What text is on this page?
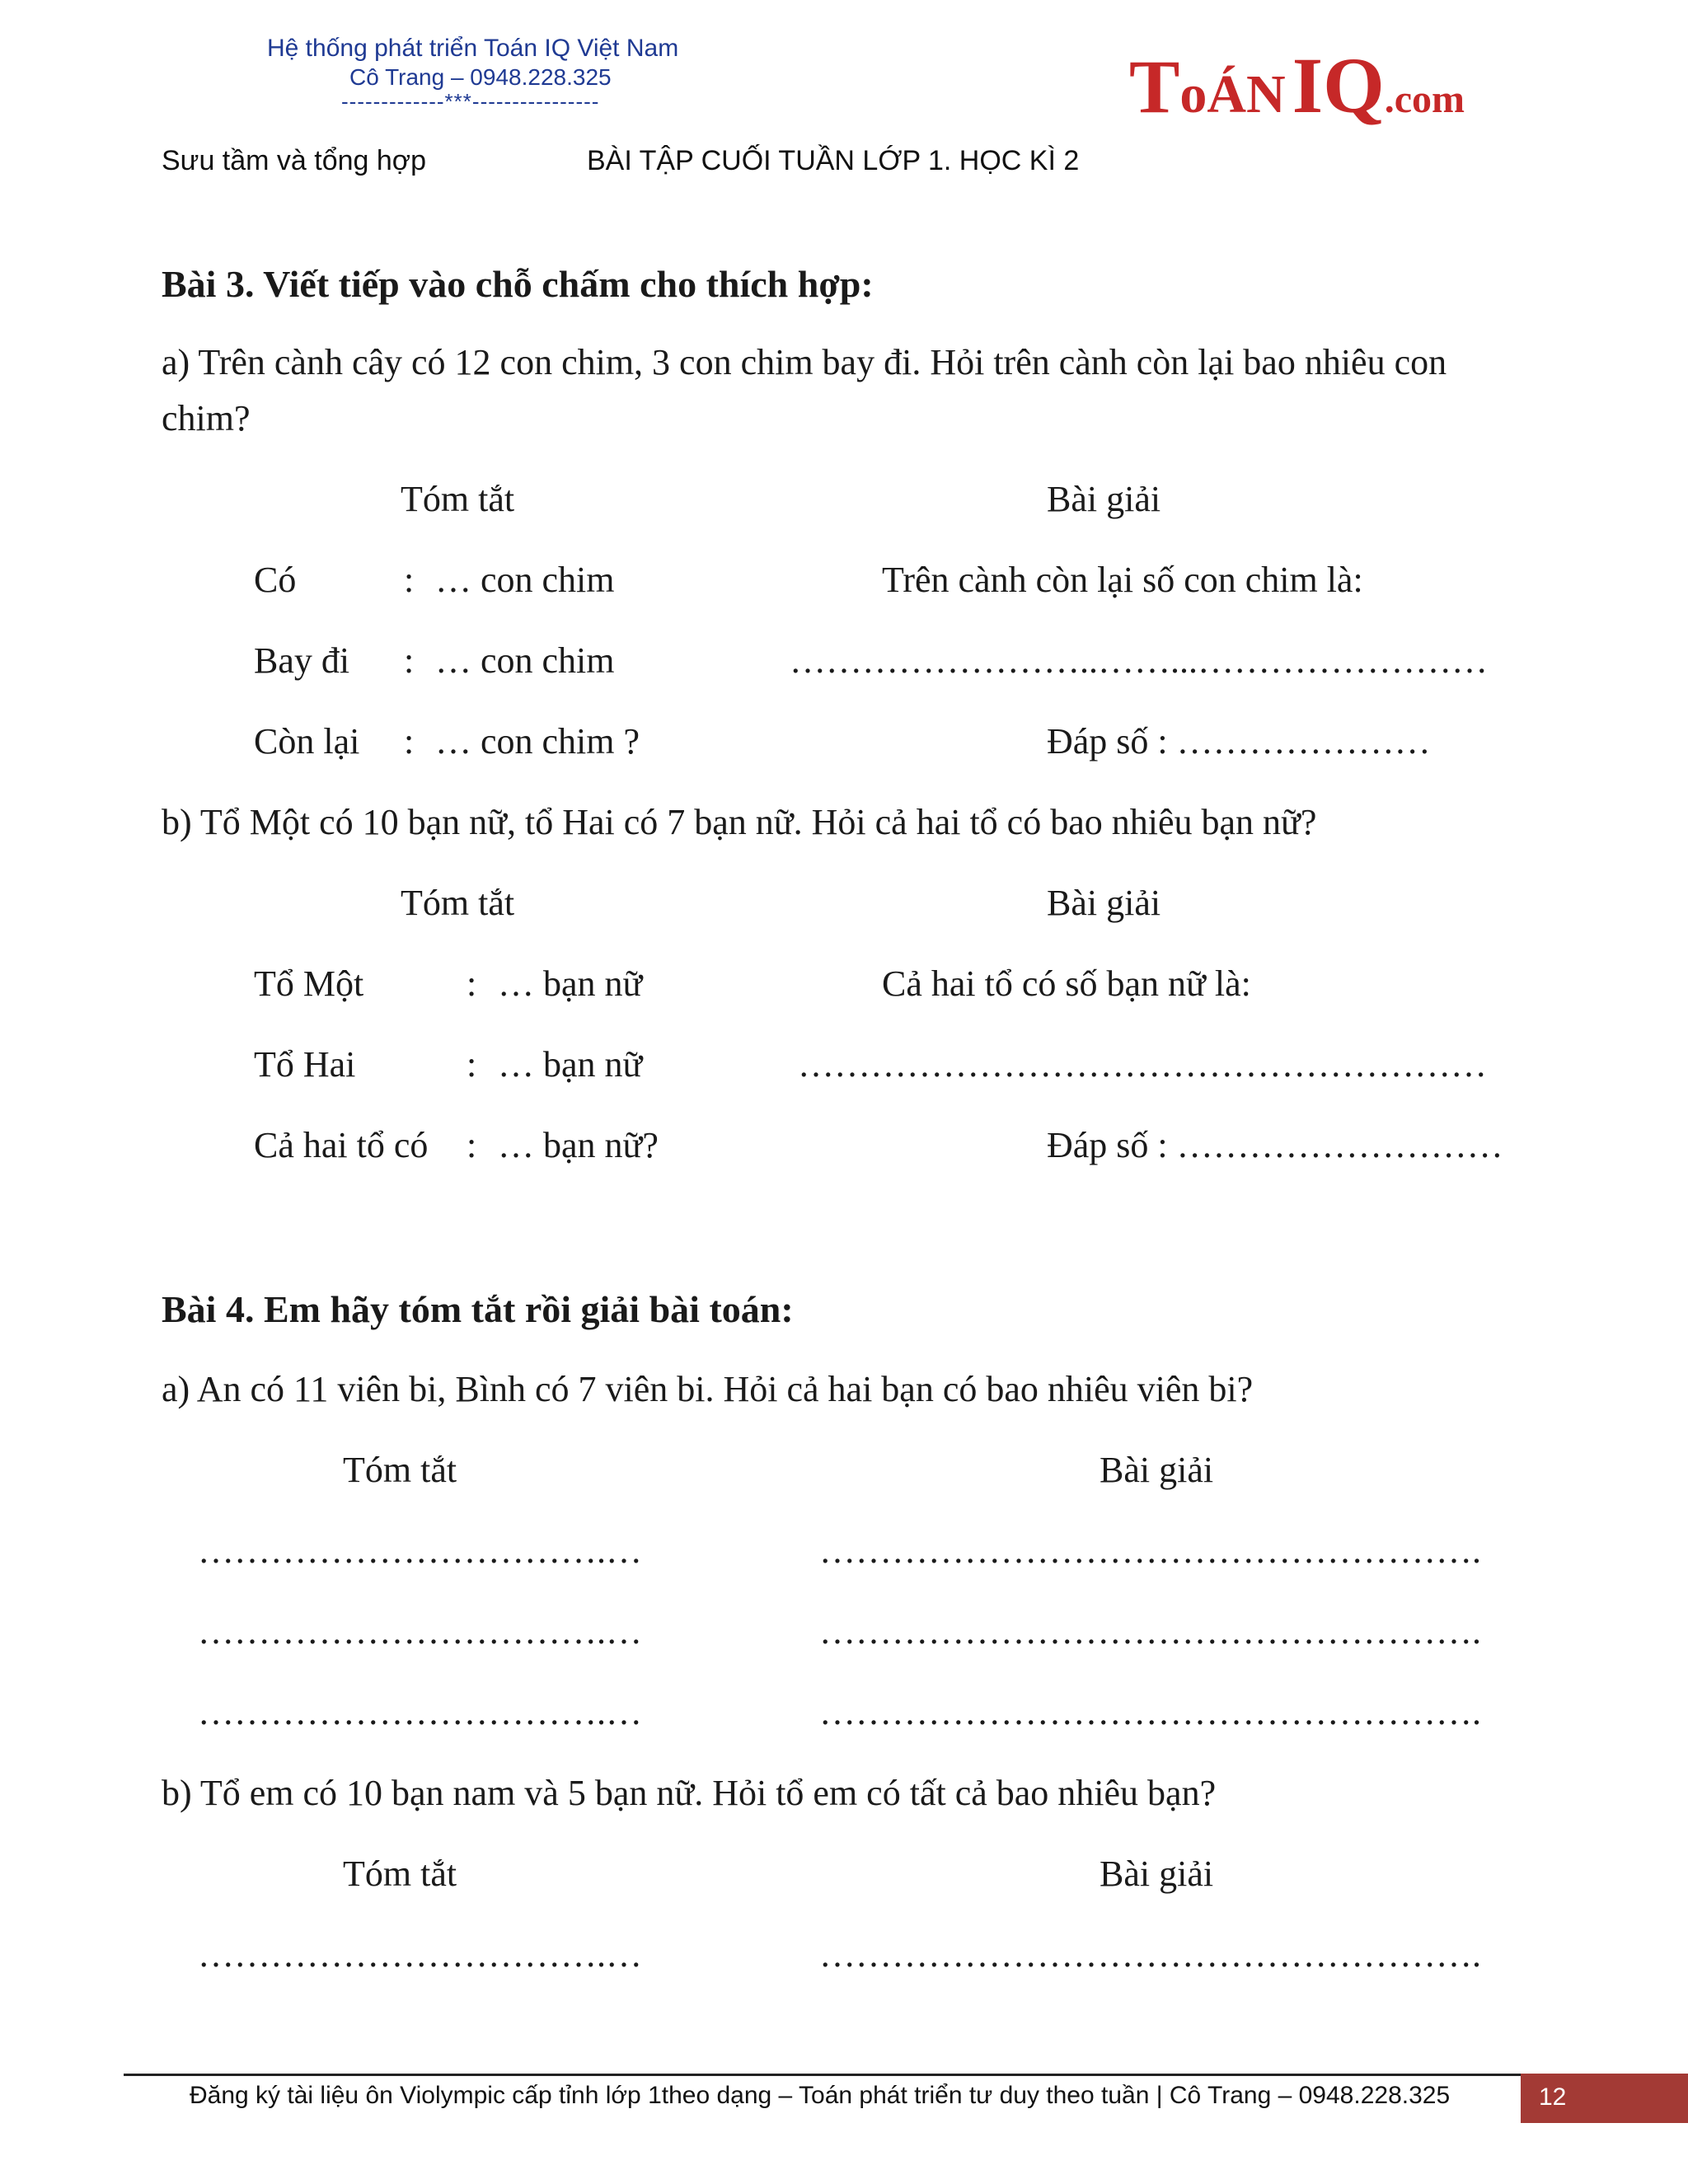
Hệ thống phát triển Toán IQ Việt Nam
Cô Trang – 0948.228.325
-------------***----------------	ToÁNIQ.com
Sưu tầm và tổng hợp	BÀI TẬP CUỐI TUẦN LỚP 1. HỌC KÌ 2
Bài 3. Viết tiếp vào chỗ chấm cho thích hợp:
a) Trên cành cây có 12 con chim, 3 con chim bay đi. Hỏi trên cành còn lại bao nhiêu con
chim?
Tóm tắt	Bài giải
Có	: … con chim
Bay đi : … con chim
Còn lại : … con chim ?
Trên cành còn lại số con chim là:
……………………..……...……………………
Đáp số : …………………
b) Tổ Một có 10 bạn nữ, tổ Hai có 7 bạn nữ. Hỏi cả hai tổ có bao nhiêu bạn nữ?
Tóm tắt	Bài giải
Tổ Một	: … bạn nữ
Tổ Hai	: … bạn nữ
Cả hai tổ có : … bạn nữ?
Cả hai tổ có số bạn nữ là:
…………………………………………………
Đáp số : ………………………
Bài 4. Em hãy tóm tắt rồi giải bài toán:
a) An có 11 viên bi, Bình có 7 viên bi. Hỏi cả hai bạn có bao nhiêu viên bi?
Tóm tắt	Bài giải
…………………………….…	……………………………………………….
…………………………….…	……………………………………………….
…………………………….…	……………………………………………….
b) Tổ em có 10 bạn nam và 5 bạn nữ. Hỏi tổ em có tất cả bao nhiêu bạn?
Tóm tắt	Bài giải
…………………………….…	……………………………………………….
Đăng ký tài liệu ôn Violympic cấp tỉnh lớp 1theo dạng – Toán phát triển tư duy theo tuần | Cô Trang – 0948.228.325	12
